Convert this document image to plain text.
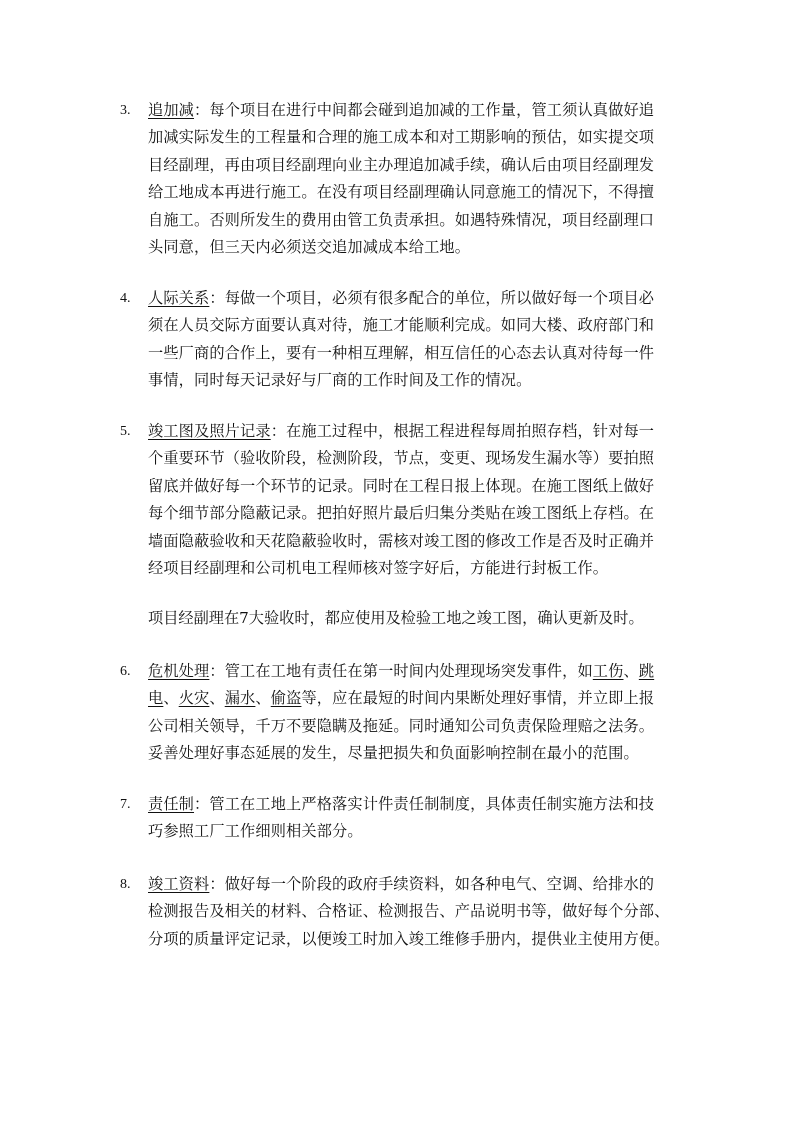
3. 追加减：每个项目在进行中间都会碰到追加减的工作量，管工须认真做好追
加减实际发生的工程量和合理的施工成本和对工期影响的预估，如实提交项
目经副理，再由项目经副理向业主办理追加减手续，确认后由项目经副理发
给工地成本再进行施工。在没有项目经副理确认同意施工的情况下，不得擅
自施工。否则所发生的费用由管工负责承担。如遇特殊情况，项目经副理口
头同意，但三天内必须送交追加减成本给工地。
4. 人际关系：每做一个项目，必须有很多配合的单位，所以做好每一个项目必
须在人员交际方面要认真对待，施工才能顺利完成。如同大楼、政府部门和
一些厂商的合作上，要有一种相互理解，相互信任的心态去认真对待每一件
事情，同时每天记录好与厂商的工作时间及工作的情况。
5. 竣工图及照片记录：在施工过程中，根据工程进程每周拍照存档，针对每一
个重要环节（验收阶段，检测阶段，节点，变更、现场发生漏水等）要拍照
留底并做好每一个环节的记录。同时在工程日报上体现。在施工图纸上做好
每个细节部分隐蔽记录。把拍好照片最后归集分类贴在竣工图纸上存档。在
墙面隐蔽验收和天花隐蔽验收时，需核对竣工图的修改工作是否及时正确并
经项目经副理和公司机电工程师核对签字好后，方能进行封板工作。
项目经副理在7大验收时，都应使用及检验工地之竣工图，确认更新及时。
6. 危机处理：管工在工地有责任在第一时间内处理现场突发事件，如工伤、跳
电、火灾、漏水、偷盗等，应在最短的时间内果断处理好事情，并立即上报
公司相关领导，千万不要隐瞒及拖延。同时通知公司负责保险理赔之法务。
妥善处理好事态延展的发生，尽量把损失和负面影响控制在最小的范围。
7. 责任制：管工在工地上严格落实计件责任制制度，具体责任制实施方法和技
巧参照工厂工作细则相关部分。
8. 竣工资料：做好每一个阶段的政府手续资料，如各种电气、空调、给排水的
检测报告及相关的材料、合格证、检测报告、产品说明书等，做好每个分部、
分项的质量评定记录，以便竣工时加入竣工维修手册内，提供业主使用方便。
